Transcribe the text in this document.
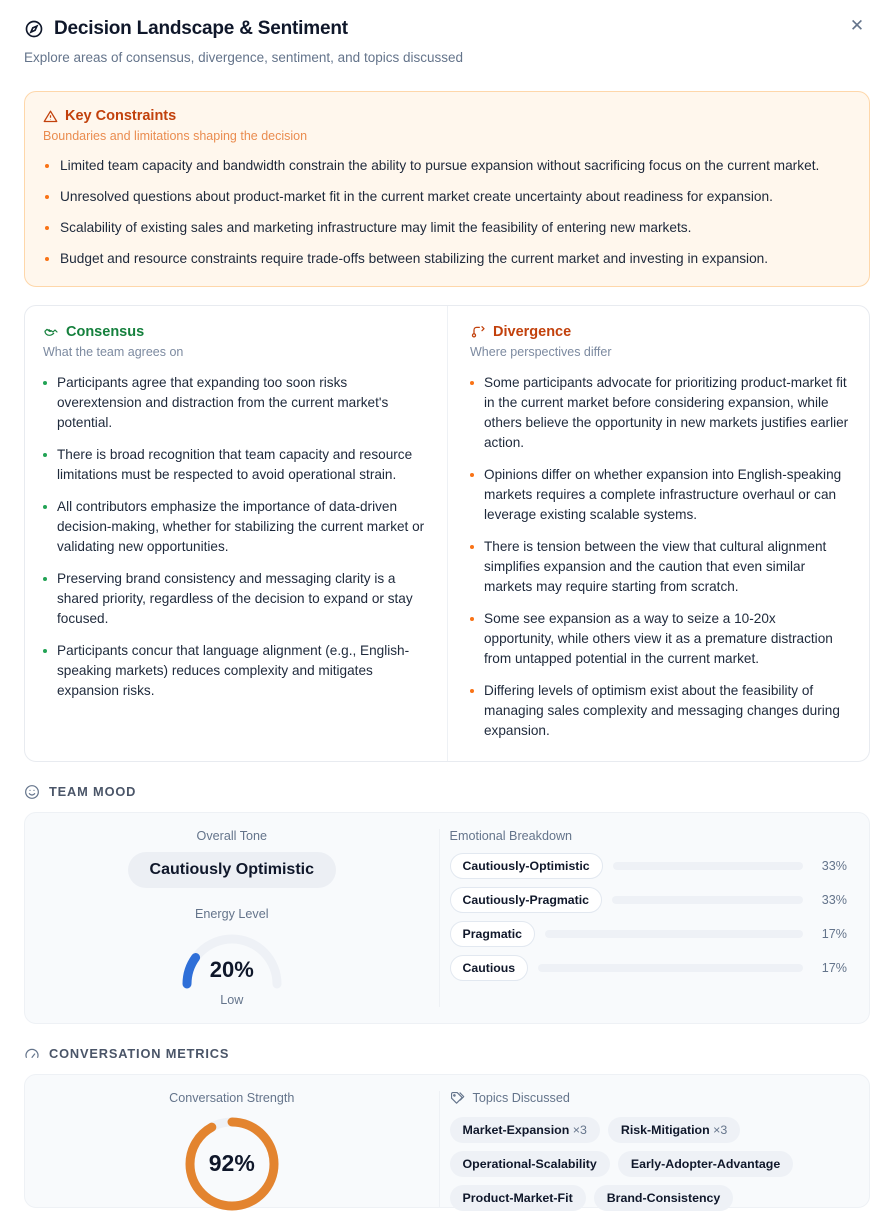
Decision Landscape & Sentiment
Explore areas of consensus, divergence, sentiment, and topics discussed
✕
Key Constraints
Boundaries and limitations shaping the decision
Limited team capacity and bandwidth constrain the ability to pursue expansion without sacrificing focus on the current market.
Unresolved questions about product-market fit in the current market create uncertainty about readiness for expansion.
Scalability of existing sales and marketing infrastructure may limit the feasibility of entering new markets.
Budget and resource constraints require trade-offs between stabilizing the current market and investing in expansion.
Consensus
What the team agrees on
Participants agree that expanding too soon risks overextension and distraction from the current market's potential.
There is broad recognition that team capacity and resource limitations must be respected to avoid operational strain.
All contributors emphasize the importance of data-driven decision-making, whether for stabilizing the current market or validating new opportunities.
Preserving brand consistency and messaging clarity is a shared priority, regardless of the decision to expand or stay focused.
Participants concur that language alignment (e.g., English-speaking markets) reduces complexity and mitigates expansion risks.
Divergence
Where perspectives differ
Some participants advocate for prioritizing product-market fit in the current market before considering expansion, while others believe the opportunity in new markets justifies earlier action.
Opinions differ on whether expansion into English-speaking markets requires a complete infrastructure overhaul or can leverage existing scalable systems.
There is tension between the view that cultural alignment simplifies expansion and the caution that even similar markets may require starting from scratch.
Some see expansion as a way to seize a 10-20x opportunity, while others view it as a premature distraction from untapped potential in the current market.
Differing levels of optimism exist about the feasibility of managing sales complexity and messaging changes during expansion.
TEAM MOOD
Overall Tone
Cautiously Optimistic
Energy Level
20%
Low
Emotional Breakdown
Cautiously-Optimistic	33%
Cautiously-Pragmatic	33%
Pragmatic	17%
Cautious	17%
CONVERSATION METRICS
Conversation Strength
92%
Topics Discussed
Market-Expansion ×3	Risk-Mitigation ×3
Operational-Scalability	Early-Adopter-Advantage
Product-Market-Fit	Brand-Consistency
